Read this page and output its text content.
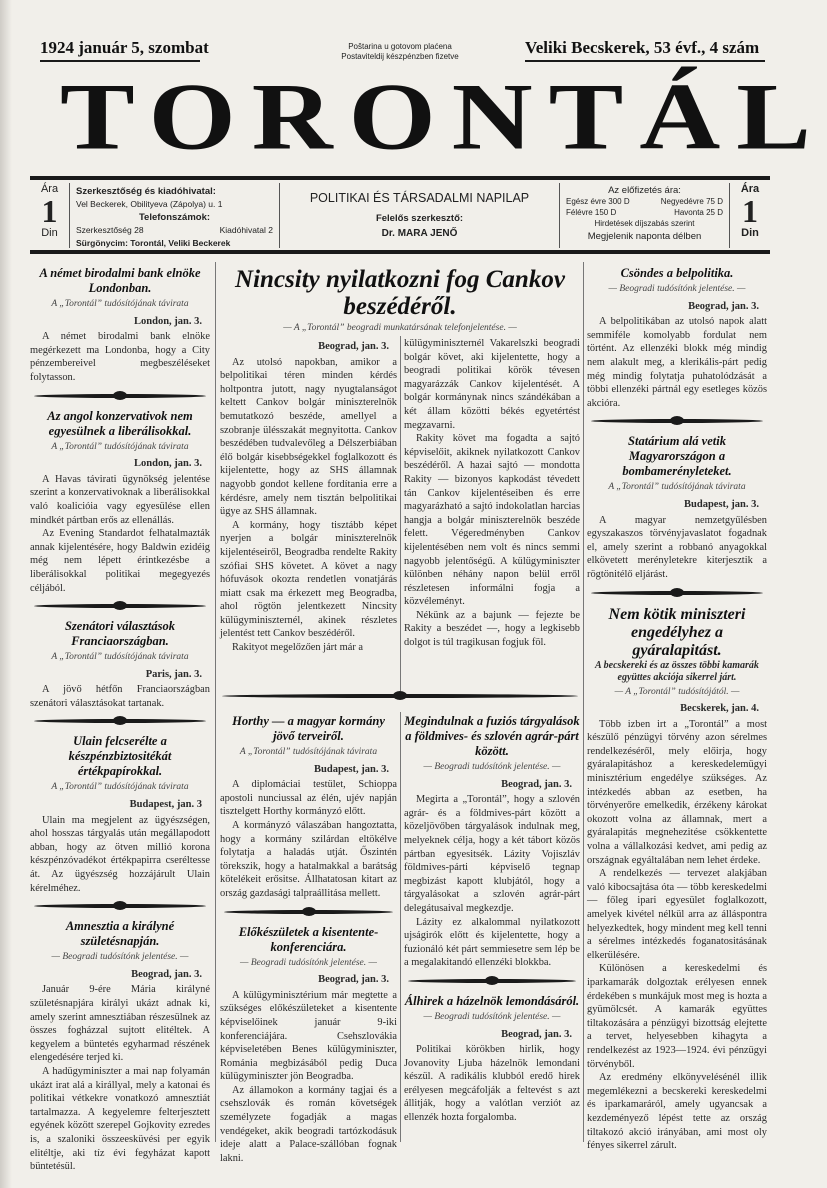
1924 január 5, szombat	Poštarina u gotovom plaćena
Postaviteldij készpénzben fizetve	Veliki Becskerek, 53 évf., 4 szám
TORONTÁL
Ára
1
Din
Szerkesztőség és kiadóhivatal:
Vel Beckerek, Obilityeva (Zápolya) u. 1
Telefonszámok:
Szerkesztőség 28	Kiadóhivatal 2
Sürgönycim: Torontál, Veliki Beckerek
POLITIKAI ÉS TÁRSADALMI NAPILAP
Felelős szerkesztő:
Dr. MARA JENŐ
Az előfizetés ára:
Egész évre 300 D	Negyedévre 75 D
Félévre 150 D	Havonta 25 D
Hirdetések díjszabás szerint
Megjelenik naponta délben
Ára
1
Din
A német birodalmi bank elnöke Londonban.
A „Torontál” tudósítójának távirata
London, jan. 3.

A német birodalmi bank elnöke megérkezett ma Londonba, hogy a City pénzembereivel megbeszéléseket folytasson.

Az angol konzervativok nem egyesülnek a liberálisokkal.
A „Torontál” tudósítójának távirata
London, jan. 3.

A Havas távirati ügynökség jelentése szerint a konzervativoknak a liberálisokkal való koalicióia vagy egyesülése ellen mindkét pártban erős az ellenállás.

Az Evening Standardot felhatalmazták annak kijelentésére, hogy Baldwin ezidéig még nem lépett érintkezésbe a liberálisokkal politikai megegyezés céljából.

Szenátori választások Franciaországban.
A „Torontál” tudósítójának távirata
Paris, jan. 3.

A jövő hétfőn Franciaországban szenátori választásokat tartanak.

Ulain felcserélte a készpénzbiztositékát értékpapírokkal.
A „Torontál” tudósítójának távirata
Budapest, jan. 3

Ulain ma megjelent az ügyészségen, ahol hosszas tárgyalás után megállapodott abban, hogy az ötven millió korona készpénzóvadékot értékpapirra cseréltesse át. Az ügyészség hozzájárult Ulain kérelméhez.

Amnesztia a királyné születésnapján.
— Beogradi tudósítónk jelentése. —
Beograd, jan. 3.

Január 9-ére Mária királyné születésnapjára királyi ukázt adnak ki, amely szerint amnesztiában részesülnek az összes fogházzal sujtott elitéltek. A kegyelem a büntetés egyharmad részének elengedésére terjed ki.

A hadügyminiszter a mai nap folyamán ukázt irat alá a királlyal, mely a katonai és politikai vétkekre vonatkozó amnesztiát tartalmazza. A kegyelemre felterjesztett egyének között szerepel Gojkovity ezredes is, a szaloniki összeesküvési per egyik elitéltje, aki tíz évi fegyházat kapott büntetésül.

Nincsity nyilatkozni fog Cankov beszédéről.
— A „Torontál” beogradi munkatársának telefonjelentése. —
Beograd, jan. 3.

Az utolsó napokban, amikor a belpolitikai téren minden kérdés holtpontra jutott, nagy nyugtalanságot keltett Cankov bolgár miniszterelnök bemutatkozó beszéde, amellyel a szobranje ülésszakát megnyitotta. Cankov beszédében tudvalevőleg a Délszerbiában élő bolgár kisebbségekkel foglalkozott és kijelentette, hogy az SHS államnak nagyobb gondot kellene fordítania erre a kérdésre, amely nem tisztán belpolitikai ügye az SHS államnak.

A kormány, hogy tisztább képet nyerjen a bolgár miniszterelnök kijelentéseiről, Beogradba rendelte Rakity szófiai SHS követet. A követ a nagy hófuvások okozta rendetlen vonatjárás miatt csak ma érkezett meg Beogradba, ahol rögtön jelentkezett Nincsity külügyminiszternél, akinek részletes jelentést tett Cankov beszédéről.

Rakityot megelőzően járt már a

külügyminiszternél Vakarelszki beogradi bolgár követ, aki kijelentette, hogy a beogradi politikai körök tévesen magyarázzák Cankov kijelentését. A bolgár kormánynak nincs szándékában a két állam közötti békés egyetértést megzavarni.

Rakity követ ma fogadta a sajtó képviselőit, akiknek nyilatkozott Cankov beszédéről. A hazai sajtó — mondotta Rakity — bizonyos kapkodást tévedett tán Cankov kijelentéseiben és erre magyarázható a sajtó indokolatlan harcias hangja a bolgár miniszterelnök beszéde felett. Végeredményben Cankov kijelentésében nem volt és nincs semmi nagyobb jelentőségű. A külügyminiszter különben néhány napon belül erről részletesen informálni fogja a közvéleményt.

Nékünk az a bajunk — fejezte be Rakity a beszédet —, hogy a legkisebb dolgot is túl tragikusan fogjuk föl.

Horthy — a magyar kormány jövő terveiről.
A „Torontál” tudósítójának távirata
Budapest, jan. 3.

A diplomáciai testület, Schioppa apostoli nunciussal az élén, ujév napján tisztelgett Horthy kormányzó előtt.

A kormányzó válaszában hangoztatta, hogy a kormány szilárdan eltökélve folytatja a haladás utját. Őszintén törekszik, hogy a hatalmakkal a barátság kötelékeit erősitse. Állhatatosan kitart az ország gazdasági talpraállitása mellett.

Előkészületek a kisentente-konferenciára.
— Beogradi tudósítónk jelentése. —
Beograd, jan. 3.

A külügyminisztérium már megtette a szükséges előkészületeket a kisentente képviselőinek január 9-iki konferenciájára. Csehszlovákia képviseletében Benes külügyminiszter, Románia megbizásából pedig Duca külügyminiszter jön Beogradba.

Az államokon a kormány tagjai és a csehszlovák és román követségek személyzete fogadják a magas vendégeket, akik beogradi tartózkodásuk ideje alatt a Palace-szállóban fognak lakni.

Megindulnak a fuziós tárgyalások a földmives- és szlovén agrár-párt között.
— Beogradi tudósítónk jelentése. —
Beograd, jan. 3.

Megirta a „Torontál”, hogy a szlovén agrár- és a földmives-párt között a közeljövőben tárgyalások indulnak meg, melyeknek célja, hogy a két tábort közös pártban egyesitsék. Lázity Vojiszláv földmives-párti képviselő tegnap megbizást kapott klubjától, hogy a tárgyalásokat a szlovén agrár-párt delegátusaival megkezdje.

Lázity ez alkalommal nyilatkozott ujságirók előtt és kijelentette, hogy a fuzionáló két párt semmiesetre sem lép be a megalakitandó ellenzéki blokkba.

Álhirek a házelnök lemondásáról.
— Beogradi tudósítónk jelentése. —
Beograd, jan. 3.

Politikai körökben hirlik, hogy Jovanovity Ljuba házelnök lemondani készül. A radikális klubból eredő hirek erélyesen megcáfolják a feltevést s azt állitják, hogy a valótlan verziót az ellenzék hozta forgalomba.

Csöndes a belpolitika.
— Beogradi tudósítónk jelentése. —
Beograd, jan. 3.

A belpolitikában az utolsó napok alatt semmiféle komolyabb fordulat nem történt. Az ellenzéki blokk még mindig nem alakult meg, a klerikális-párt pedig még mindig folytatja puhatolódzását a többi ellenzéki pártnál egy esetleges közös akcióra.

Statárium alá vetik Magyarországon a bombamerényleteket.
A „Torontál” tudósítójának távirata
Budapest, jan. 3.

A magyar nemzetgyűlésben egyszakaszos törvényjavaslatot fogadnak el, amely szerint a robbanó anyagokkal elkövetett merényletekre kiterjesztik a rögtönitélő eljárást.

Nem kötik miniszteri engedélyhez a gyáralapitást.
A becskereki és az összes többi kamarák együttes akciója sikerrel járt.
— A „Torontál” tudósítójától. —
Becskerek, jan. 4.

Több izben irt a „Torontál” a most készülő pénzügyi törvény azon sérelmes rendelkezéséről, mely előirja, hogy gyáralapitáshoz a kereskedelemügyi minisztérium engedélye szükséges. Az intézkedés abban az esetben, ha törvényerőre emelkedik, érzékeny károkat okozott volna az államnak, mert a gyáralapitás megnehezitése csökkentette volna a vállalkozási kedvet, ami pedig az országnak egyáltalában nem lehet érdeke.

A rendelkezés — tervezet alakjában való kibocsajtása óta — több kereskedelmi — főleg ipari egyesület foglalkozott, amelyek kivétel nélkül arra az álláspontra helyezkedtek, hogy mindent meg kell tenni a sérelmes intézkedés foganatositásának elkerülésére.

Különösen a kereskedelmi és iparkamarák dolgoztak erélyesen ennek érdekében s munkájuk most meg is hozta a gyümölcsét. A kamarák együttes tiltakozására a pénzügyi bizottság elejtette a tervet, helyesebben kihagyta a rendelkezést az 1923—1924. évi pénzügyi törvényből.

Az eredmény elkönyvelésénél illik megemlékezni a becskereki kereskedelmi és iparkamaráról, amely ugyancsak a kezdeményező lépést tette az ország tiltakozó akció irányában, ami most oly fényes sikerrel zárult.
